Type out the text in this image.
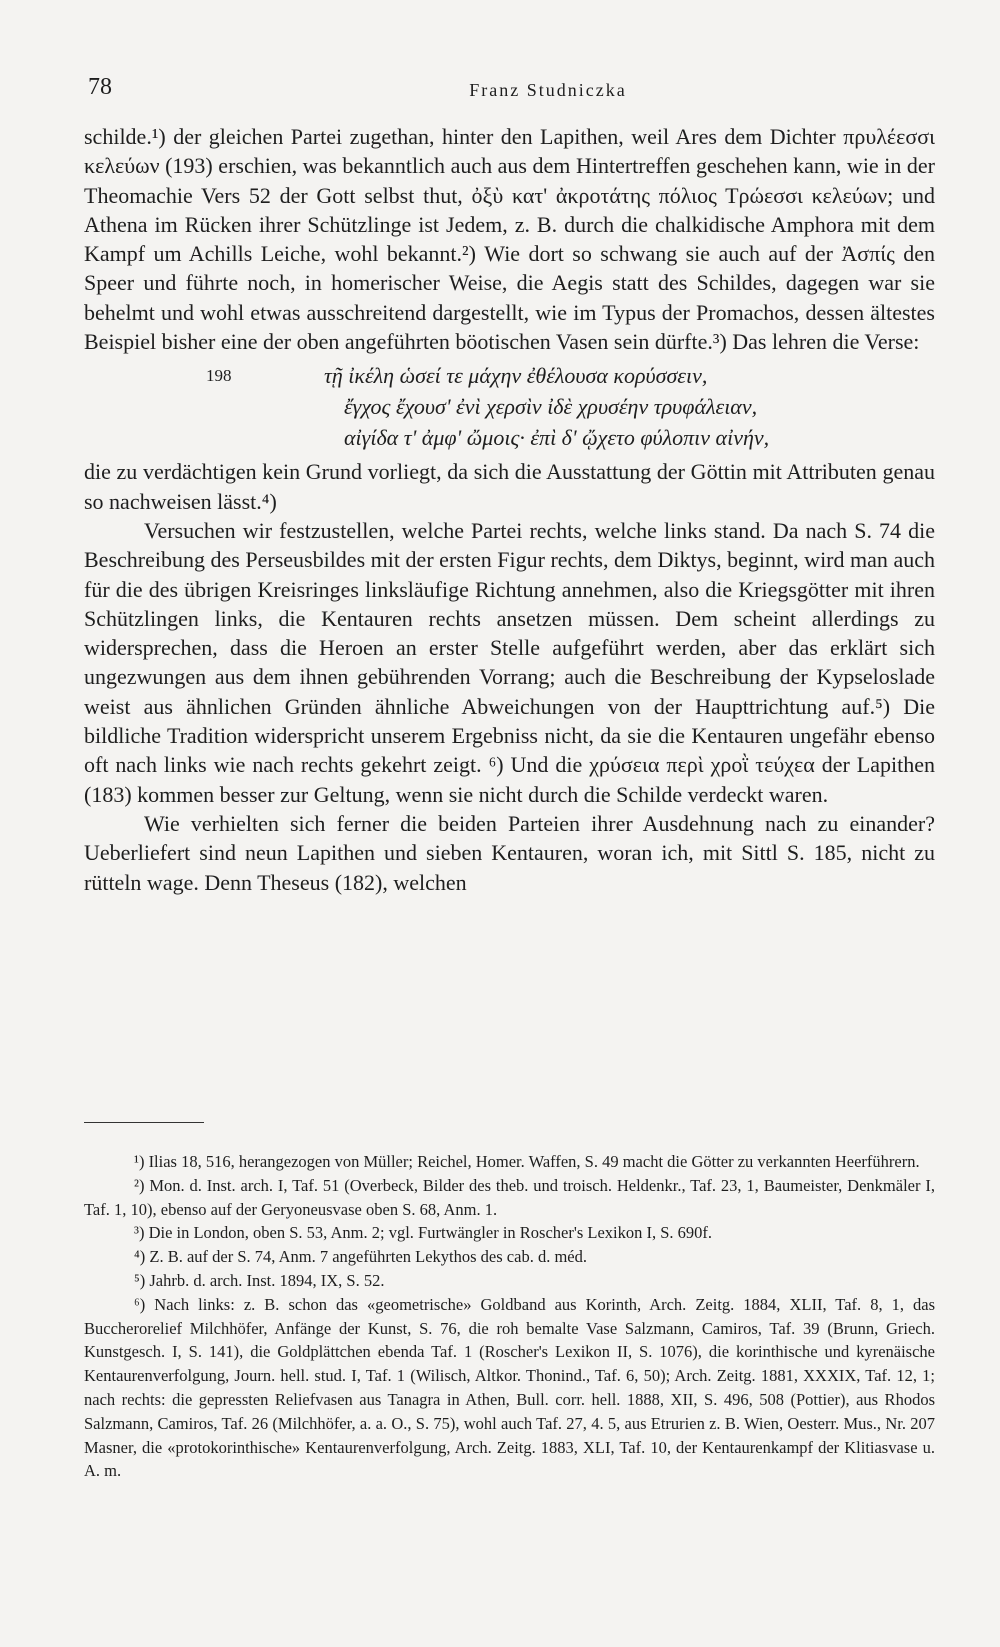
78	Franz Studniczka

schilde.¹) der gleichen Partei zugethan, hinter den Lapithen, weil Ares dem Dichter πρυλέεσσι κελεύων (193) erschien, was bekanntlich auch aus dem Hintertreffen geschehen kann, wie in der Theomachie Vers 52 der Gott selbst thut, ὀξὺ κατ' ἀκροτάτης πόλιος Τρώεσσι κελεύων; und Athena im Rücken ihrer Schützlinge ist Jedem, z. B. durch die chalkidische Amphora mit dem Kampf um Achills Leiche, wohl bekannt.²) Wie dort so schwang sie auch auf der Ἀσπίς den Speer und führte noch, in homerischer Weise, die Aegis statt des Schildes, dagegen war sie behelmt und wohl etwas ausschreitend dargestellt, wie im Typus der Promachos, dessen ältestes Beispiel bisher eine der oben angeführten böotischen Vasen sein dürfte.³) Das lehren die Verse:

198	τῇ ἰκέλη ὡσεί τε μάχην ἐθέλουσα κορύσσειν,
ἔγχος ἔχουσ' ἐνὶ χερσὶν ἰδὲ χρυσέην τρυφάλειαν,
αἰγίδα τ' ἀμφ' ὤμοις· ἐπὶ δ' ᾤχετο φύλοπιν αἰνήν,

die zu verdächtigen kein Grund vorliegt, da sich die Ausstattung der Göttin mit Attributen genau so nachweisen lässt.⁴)

Versuchen wir festzustellen, welche Partei rechts, welche links stand. Da nach S. 74 die Beschreibung des Perseusbildes mit der ersten Figur rechts, dem Diktys, beginnt, wird man auch für die des übrigen Kreisringes linksläufige Richtung annehmen, also die Kriegsgötter mit ihren Schützlingen links, die Kentauren rechts ansetzen müssen. Dem scheint allerdings zu widersprechen, dass die Heroen an erster Stelle aufgeführt werden, aber das erklärt sich ungezwungen aus dem ihnen gebührenden Vorrang; auch die Beschreibung der Kypseloslade weist aus ähnlichen Gründen ähnliche Abweichungen von der Haupttrichtung auf.⁵) Die bildliche Tradition widerspricht unserem Ergebniss nicht, da sie die Kentauren ungefähr ebenso oft nach links wie nach rechts gekehrt zeigt. ⁶) Und die χρύσεια περὶ χροῒ τεύχεα der Lapithen (183) kommen besser zur Geltung, wenn sie nicht durch die Schilde verdeckt waren.

Wie verhielten sich ferner die beiden Parteien ihrer Ausdehnung nach zu einander? Ueberliefert sind neun Lapithen und sieben Kentauren, woran ich, mit Sittl S. 185, nicht zu rütteln wage. Denn Theseus (182), welchen

¹) Ilias 18, 516, herangezogen von Müller; Reichel, Homer. Waffen, S. 49 macht die Götter zu verkannten Heerführern.

²) Mon. d. Inst. arch. I, Taf. 51 (Overbeck, Bilder des theb. und troisch. Heldenkr., Taf. 23, 1, Baumeister, Denkmäler I, Taf. 1, 10), ebenso auf der Geryoneusvase oben S. 68, Anm. 1.

³) Die in London, oben S. 53, Anm. 2; vgl. Furtwängler in Roscher's Lexikon I, S. 690f.

⁴) Z. B. auf der S. 74, Anm. 7 angeführten Lekythos des cab. d. méd.

⁵) Jahrb. d. arch. Inst. 1894, IX, S. 52.

⁶) Nach links: z. B. schon das «geometrische» Goldband aus Korinth, Arch. Zeitg. 1884, XLII, Taf. 8, 1, das Buccherorelief Milchhöfer, Anfänge der Kunst, S. 76, die roh bemalte Vase Salzmann, Camiros, Taf. 39 (Brunn, Griech. Kunstgesch. I, S. 141), die Goldplättchen ebenda Taf. 1 (Roscher's Lexikon II, S. 1076), die korinthische und kyrenäische Kentaurenverfolgung, Journ. hell. stud. I, Taf. 1 (Wilisch, Altkor. Thonind., Taf. 6, 50); Arch. Zeitg. 1881, XXXIX, Taf. 12, 1; nach rechts: die gepressten Reliefvasen aus Tanagra in Athen, Bull. corr. hell. 1888, XII, S. 496, 508 (Pottier), aus Rhodos Salzmann, Camiros, Taf. 26 (Milchhöfer, a. a. O., S. 75), wohl auch Taf. 27, 4. 5, aus Etrurien z. B. Wien, Oesterr. Mus., Nr. 207 Masner, die «protokorinthische» Kentaurenverfolgung, Arch. Zeitg. 1883, XLI, Taf. 10, der Kentaurenkampf der Klitiasvase u. A. m.
